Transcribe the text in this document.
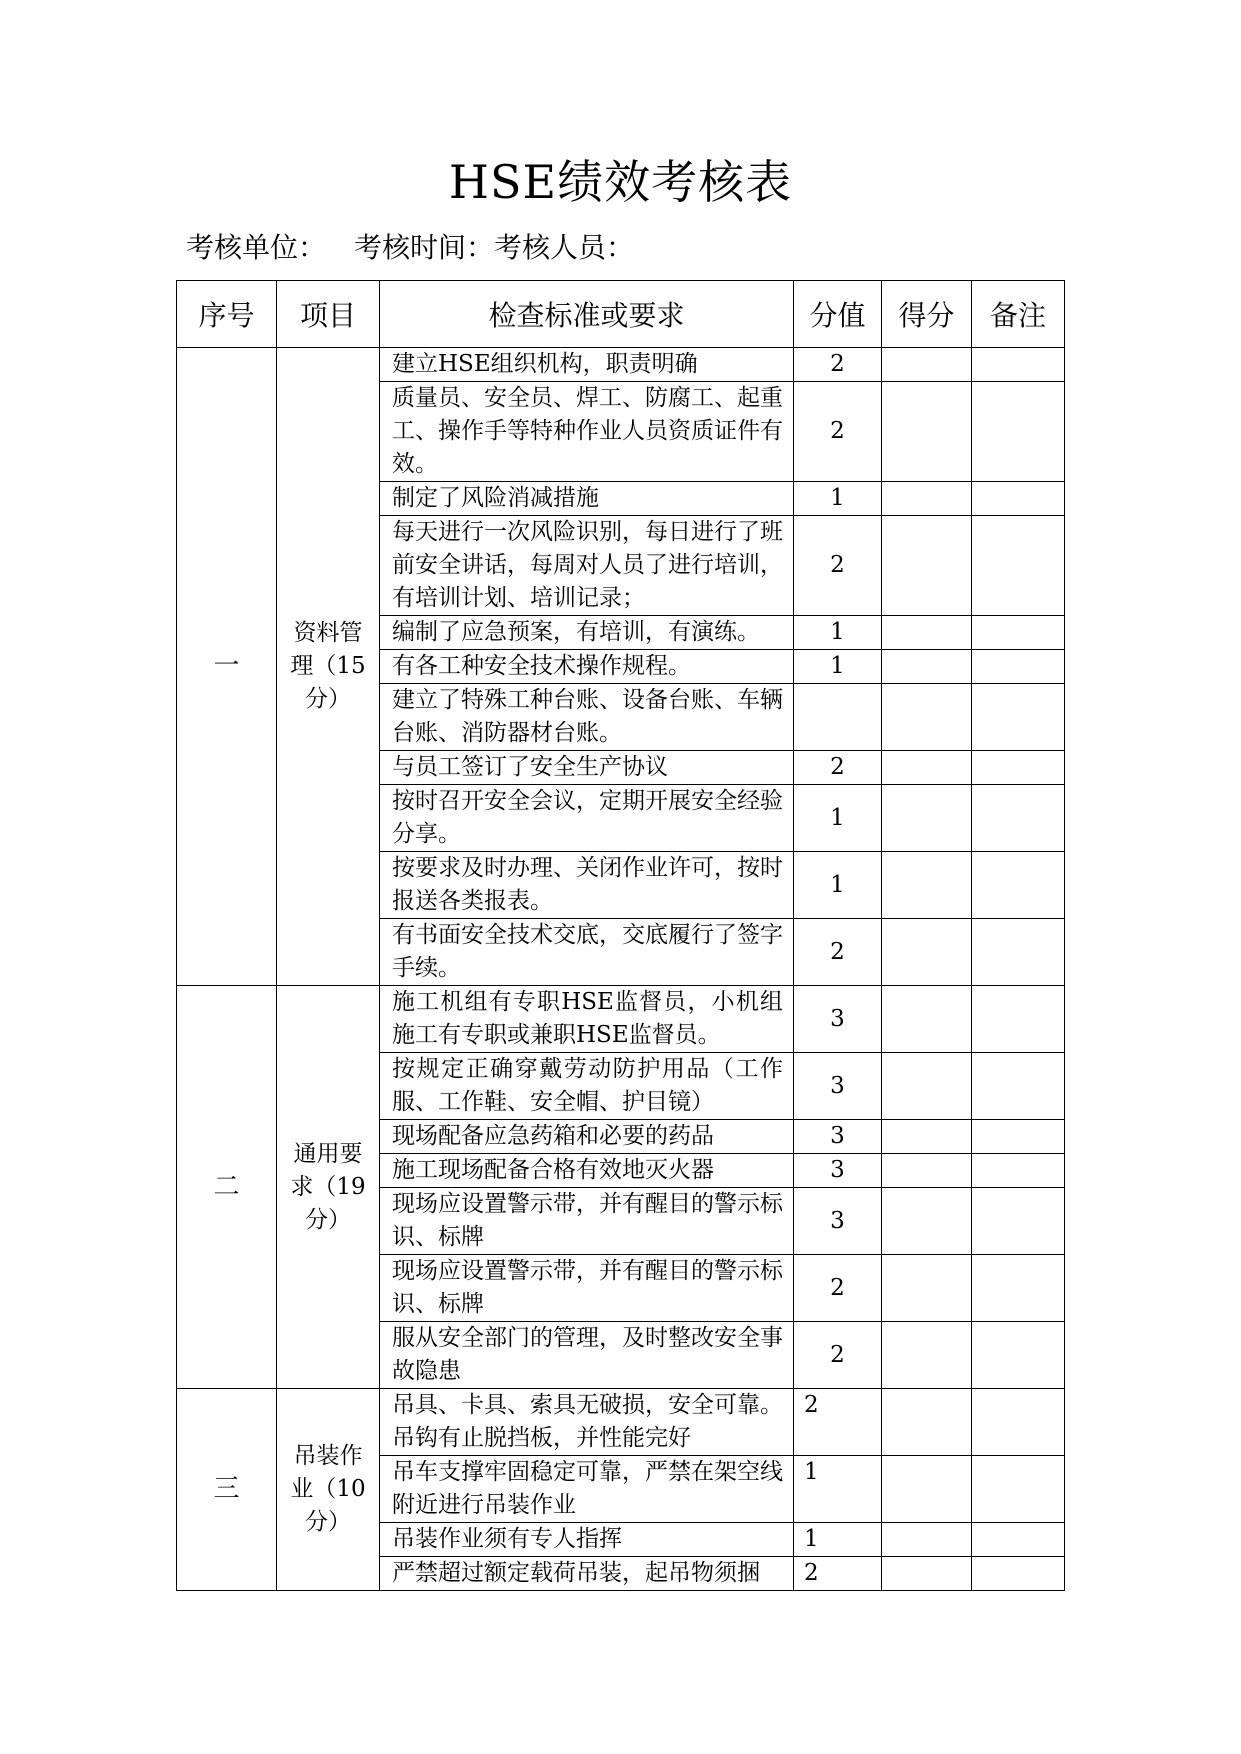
HSE绩效考核表
考核单位： 考核时间：考核人员：
序号	项目	检查标准或要求	分值	得分	备注
一	资料管理（15分）	建立HSE组织机构，职责明确	2		
		质量员、安全员、焊工、防腐工、起重工、操作手等特种作业人员资质证件有效。	2		
		制定了风险消减措施	1		
		每天进行一次风险识别，每日进行了班前安全讲话，每周对人员了进行培训，有培训计划、培训记录；	2		
		编制了应急预案，有培训，有演练。	1		
		有各工种安全技术操作规程。	1		
		建立了特殊工种台账、设备台账、车辆台账、消防器材台账。			
		与员工签订了安全生产协议	2		
		按时召开安全会议，定期开展安全经验分享。	1		
		按要求及时办理、关闭作业许可，按时报送各类报表。	1		
		有书面安全技术交底，交底履行了签字手续。	2		
二	通用要求（19分）	施工机组有专职HSE监督员，小机组施工有专职或兼职HSE监督员。	3		
		按规定正确穿戴劳动防护用品（工作服、工作鞋、安全帽、护目镜）	3		
		现场配备应急药箱和必要的药品	3		
		施工现场配备合格有效地灭火器	3		
		现场应设置警示带，并有醒目的警示标识、标牌	3		
		现场应设置警示带，并有醒目的警示标识、标牌	2		
		服从安全部门的管理，及时整改安全事故隐患	2		
三	吊装作业（10分）	吊具、卡具、索具无破损，安全可靠。吊钩有止脱挡板，并性能完好	2		
		吊车支撑牢固稳定可靠，严禁在架空线附近进行吊装作业	1		
		吊装作业须有专人指挥	1		
		严禁超过额定载荷吊装，起吊物须捆	2		
